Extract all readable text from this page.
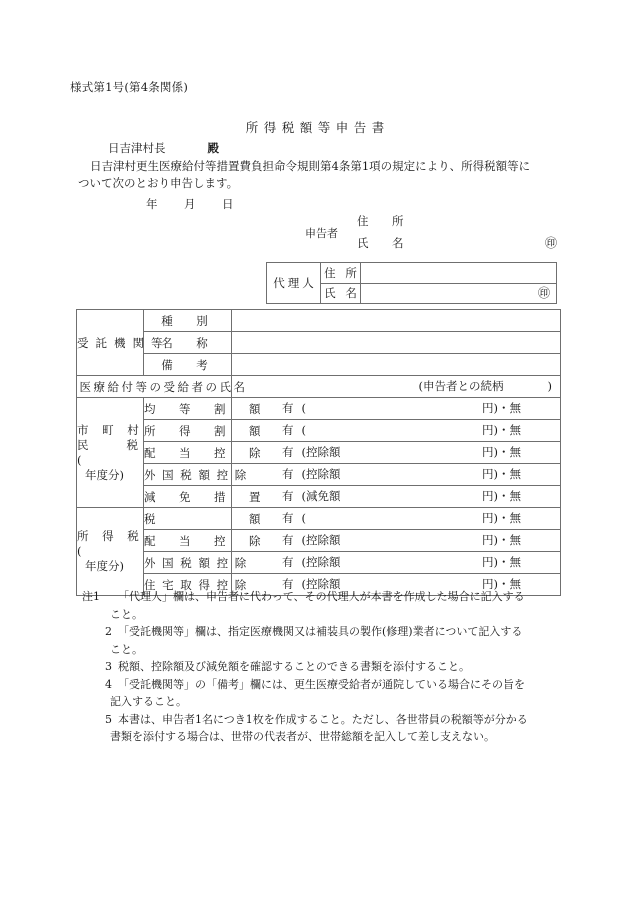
様式第1号(第4条関係)
所得税額等申告書
日吉津村長	殿
日吉津村更生医療給付等措置費負担命令規則第4条第1項の規定により、所得税額等に
ついて次のとおり申告します。
年 月 日
申告者
住　所
氏　名	㊞
代理人
住 所
氏 名	㊞
受託機関等	種　別	
	名　称	
	備　考	
医療給付等の受給者の氏名		(申告者との続柄 )

市 町 村
民　　税
(
年度分)
	均　等　割　額	有 (	円)・無

	所　得　割　額	有 ( 円)・無

	配　当　控　除	有 (控除額 円)・無

	外 国 税 額 控 除	有 (控除額 円)・無

	減　免　措　置	有 (減免額 円)・無

所 得 税
(
年度分)
	税　　　　　額	有 (	円)・無

	配　当　控　除	有 (控除額 円)・無

	外 国 税 額 控 除	有 (控除額 円)・無

	住 宅 取 得 控 除	有 (控除額 円)・無
注1	「代理人」欄は、申告者に代わって、その代理人が本書を作成した場合に記入する
こと。
2 「受託機関等」欄は、指定医療機関又は補装具の製作(修理)業者について記入する
こと。
3 税額、控除額及び減免額を確認することのできる書類を添付すること。
4 「受託機関等」の「備考」欄には、更生医療受給者が通院している場合にその旨を
記入すること。
5 本書は、申告者1名につき1枚を作成すること。ただし、各世帯員の税額等が分かる
書類を添付する場合は、世帯の代表者が、世帯総額を記入して差し支えない。
